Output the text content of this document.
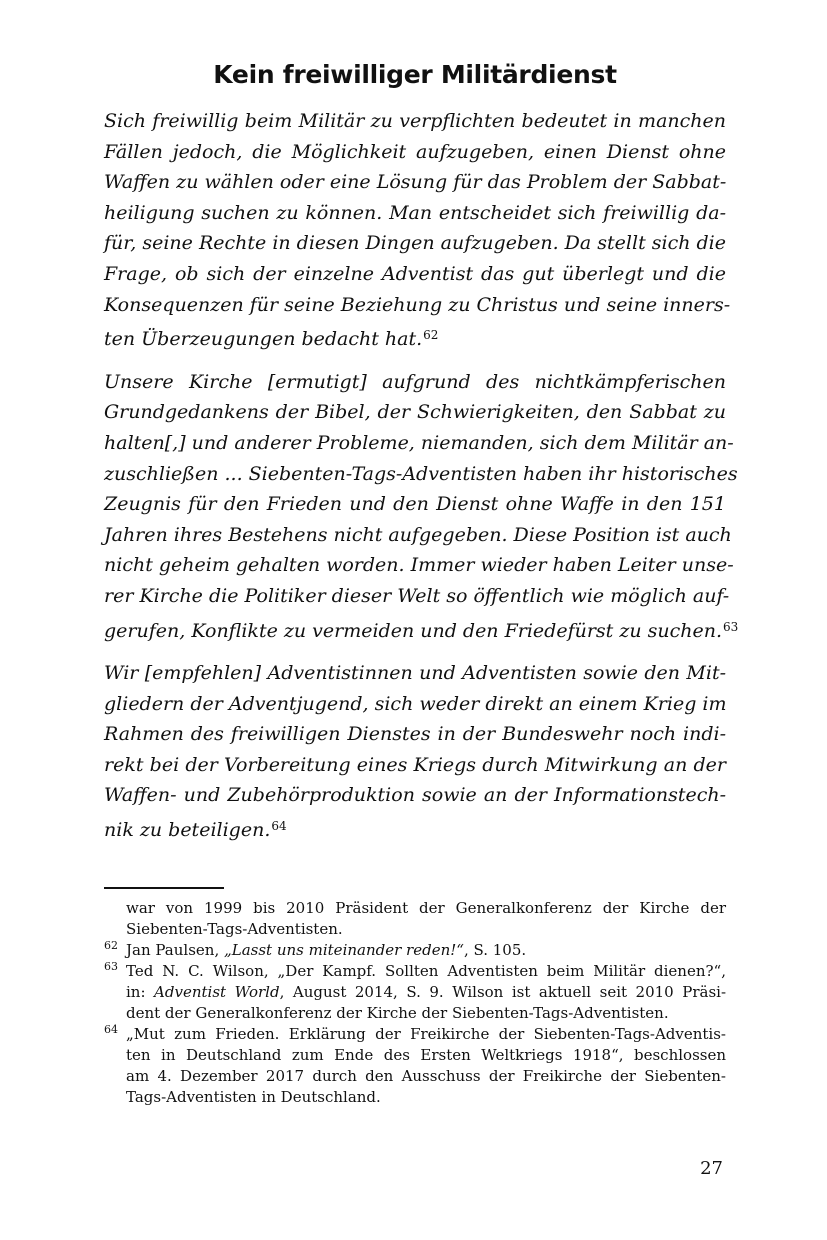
Kein freiwilliger Militärdienst

Sich freiwillig beim Militär zu verpflichten bedeutet in manchen
Fällen jedoch, die Möglichkeit aufzugeben, einen Dienst ohne
Waffen zu wählen oder eine Lösung für das Problem der Sabbat-
heiligung suchen zu können. Man entscheidet sich freiwillig da-
für, seine Rechte in diesen Dingen aufzugeben. Da stellt sich die
Frage, ob sich der einzelne Adventist das gut überlegt und die
Konsequenzen für seine Beziehung zu Christus und seine inners-
ten Überzeugungen bedacht hat.$^{62}$

Unsere Kirche [ermutigt] aufgrund des nichtkämpferischen
Grundgedankens der Bibel, der Schwierigkeiten, den Sabbat zu
halten[,] und anderer Probleme, niemanden, sich dem Militär an-
zuschließen ... Siebenten-Tags-Adventisten haben ihr historisches
Zeugnis für den Frieden und den Dienst ohne Waffe in den 151
Jahren ihres Bestehens nicht aufgegeben. Diese Position ist auch
nicht geheim gehalten worden. Immer wieder haben Leiter unse-
rer Kirche die Politiker dieser Welt so öffentlich wie möglich auf-
gerufen, Konflikte zu vermeiden und den Friedefürst zu suchen.$^{63}$

Wir [empfehlen] Adventistinnen und Adventisten sowie den Mit-
gliedern der Adventjugend, sich weder direkt an einem Krieg im
Rahmen des freiwilligen Dienstes in der Bundeswehr noch indi-
rekt bei der Vorbereitung eines Kriegs durch Mitwirkung an der
Waffen- und Zubehörproduktion sowie an der Informationstech-
nik zu beteiligen.$^{64}$

war von 1999 bis 2010 Präsident der Generalkonferenz der Kirche der
Siebenten-Tags-Adventisten.
62 Jan Paulsen, „Lasst uns miteinander reden!“, S. 105.
63 Ted N. C. Wilson, „Der Kampf. Sollten Adventisten beim Militär dienen?“,
in: Adventist World, August 2014, S. 9. Wilson ist aktuell seit 2010 Präsi-
dent der Generalkonferenz der Kirche der Siebenten-Tags-Adventisten.
64 „Mut zum Frieden. Erklärung der Freikirche der Siebenten-Tags-Adventis-
ten in Deutschland zum Ende des Ersten Weltkriegs 1918“, beschlossen
am 4. Dezember 2017 durch den Ausschuss der Freikirche der Siebenten-
Tags-Adventisten in Deutschland.
27
